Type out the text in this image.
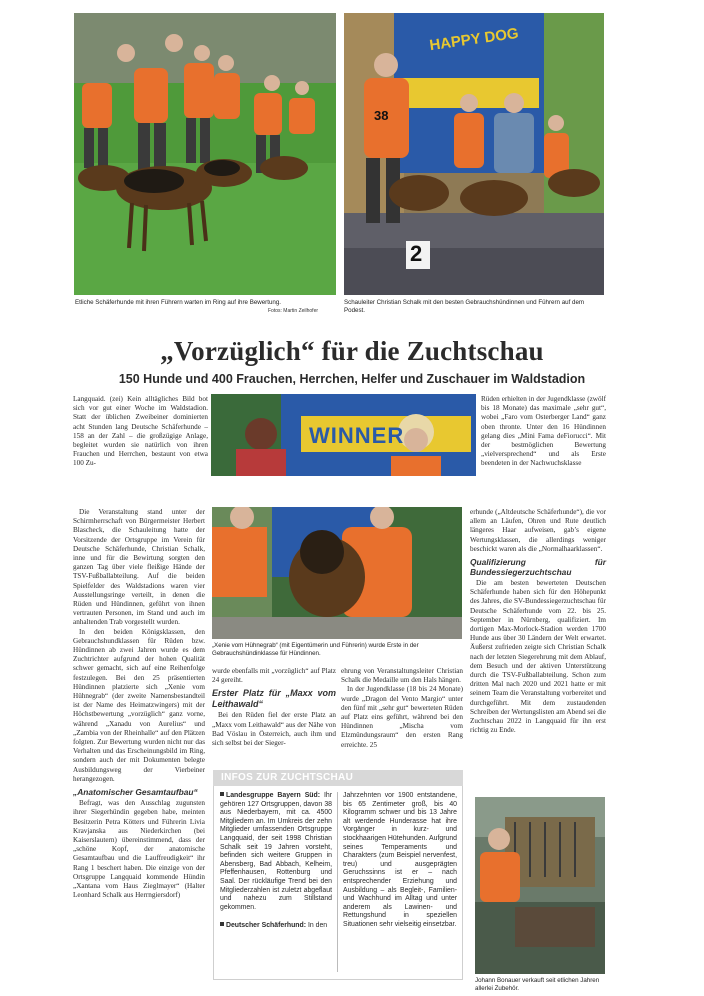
Etliche Schäferhunde mit ihren Führern warten im Ring auf ihre Bewertung.
Fotos: Martin Zeilhofer
HAPPY DOG
38
2
Schauleiter Christian Schalk mit den besten Gebrauchshündinnen und Führern auf dem Podest.
„Vorzüglich“ für die Zuchtschau
150 Hunde und 400 Frauchen, Herrchen, Helfer und Zuschauer im Waldstadion

Langquaid. (zei) Kein alltägliches Bild bot sich vor gut einer Woche im Waldstadion. Statt der üblichen Zweibeiner dominierten acht Stunden lang Deutsche Schäferhunde – 158 an der Zahl – die großzügige Anlage, begleitet wurden sie natürlich von ihren Frauchen und Herrchen, bestaunt von etwa 100 Zu-

WINNER

Rüden erhielten in der Jugendklasse (zwölf bis 18 Monate) das maximale „sehr gut“, wobei „Faro vom Osterberger Land“ ganz oben thronte. Unter den 16 Hündinnen gelang dies „Mini Fama deFiorucci“. Mit der bestmöglichen Bewertung „vielversprechend“ und als Erste beendeten in der Nachwuchsklasse

Die Veranstaltung stand unter der Schirmherrschaft von Bürgermeister Herbert Blascheck, die Schauleitung hatte der Vorsitzende der Ortsgruppe im Verein für Deutsche Schäferhunde, Christian Schalk, inne und für die Bewirtung sorgten den ganzen Tag über viele fleißige Hände der TSV-Fußballabteilung. Auf die beiden Spielfelder des Waldstadions waren vier Ausstellungsringe verteilt, in denen die Rüden und Hündinnen, geführt von ihnen vertrauten Personen, im Stand und auch im anhaltenden Trab vorgestellt wurden.

In den beiden Königsklassen, den Gebrauchshundklassen für Rüden bzw. Hündinnen ab zwei Jahren wurde es dem Zuchtrichter aufgrund der hohen Qualität schwer gemacht, sich auf eine Reihenfolge festzulegen. Bei den 25 präsentierten Hündinnen platzierte sich „Xenie vom Hühnegrab“ (der zweite Namensbestandteil ist der Name des Heimatzwingers) mit der Höchstbewertung „vorzüglich“ ganz vorne, während „Xanadu von Aurelius“ und „Zambia von der Rheinhalle“ auf den Plätzen folgten. Zur Bewertung wurden nicht nur das Verhalten und das Erscheinungsbild im Ring, sondern auch der mit Dokumenten belegte Ausbildungsweg der Vierbeiner herangezogen.

„Anatomischer Gesamtaufbau“

Befragt, was den Ausschlag zugunsten ihrer Siegerhündin gegeben habe, meinten Besitzerin Petra Kötters und Führerin Livia Kravjanska aus Niederkirchen (bei Kaiserslautern) übereinstimmend, dass der „schöne Kopf, der anatomische Gesamtaufbau und die Lauffreudigkeit“ ihr Rang 1 beschert haben. Die einzige von der Ortsgruppe Langquaid kommende Hündin „Xantana vom Haus Zieglmayer“ (Halter Leonhard Schalk aus Herrngiersdorf)

„Xenie vom Hühnegrab“ (mit Eigentümerin und Führerin) wurde Erste in der Gebrauchshündinklasse für Hündinnen.

wurde ebenfalls mit „vorzüglich“ auf Platz 24 gereiht.

Erster Platz für „Maxx vom Leithawald“

Bei den Rüden fiel der erste Platz an „Maxx vom Leithawald“ aus der Nähe von Bad Vöslau in Österreich, auch ihm und sich selbst bei der Sieger-

ehrung von Veranstaltungsleiter Christian Schalk die Medaille um den Hals hängen.

In der Jugendklasse (18 bis 24 Monate) wurde „Dragon del Vento Margio“ unter den fünf mit „sehr gut“ bewerteten Rüden auf Platz eins geführt, während bei den Hündinnen „Mischa vom Elzmündungsraum“ den ersten Rang erreichte. 25

erhunde („Altdeutsche Schäferhunde“), die vor allem an Läufen, Ohren und Rute deutlich längeres Haar aufweisen, gab’s eigene Wertungsklassen, die allerdings weniger beschickt waren als die „Normalhaarklassen“.

Qualifizierung für Bundessiegerzuchtschau

Die am besten bewerteten Deutschen Schäferhunde haben sich für den Höhepunkt des Jahres, die SV-Bundessiegerzuchtschau für Deutsche Schäferhunde vom 22. bis 25. September in Nürnberg, qualifiziert. Im dortigen Max-Morlock-Stadion werden 1700 Hunde aus über 30 Ländern der Welt erwartet. Äußerst zufrieden zeigte sich Christian Schalk nach der letzten Siegerehrung mit dem Ablauf, dem Besuch und der aktiven Unterstützung durch die TSV-Fußballabteilung. Schon zum dritten Mal nach 2020 und 2021 hatte er mit seinem Team die Veranstaltung vorbereitet und durchgeführt. Mit dem zustaudenden Schreiben der Wertungslisten am Abend sei die Zuchtschau 2022 in Langquaid für ihn erst richtig zu Ende.

INFOS ZUR ZUCHTSCHAU
Landesgruppe Bayern Süd: Ihr gehören 127 Ortsgruppen, davon 38 aus Niederbayern, mit ca. 4500 Mitgliedern an. Im Umkreis der zehn Mitglieder umfassenden Ortsgruppe Langquaid, der seit 1998 Christian Schalk seit 19 Jahren vorsteht, befinden sich weitere Gruppen in Abensberg, Bad Abbach, Kelheim, Pfeffenhausen, Rottenburg und Saal. Der rückläufige Trend bei den Mitgliederzahlen ist zuletzt abgeflaut und nahezu zum Stillstand gekommen.
Deutscher Schäferhund: In den
Jahrzehnten vor 1900 entstandene, bis 65 Zentimeter groß, bis 40 Kilogramm schwer und bis 13 Jahre alt werdende Hunderasse hat ihre Vorgänger in kurz- und stockhaarigen Hütehunden. Aufgrund seines Temperaments und Charakters (zum Beispiel nervenfest, treu) und ausgeprägten Geruchssinns ist er – nach entsprechender Erziehung und Ausbildung – als Begleit-, Familien- und Wachhund im Alltag und unter anderem als Lawinen- und Rettungshund in speziellen Situationen sehr vielseitig einsetzbar.
Johann Bonauer verkauft seit etlichen Jahren allerlei Zubehör.
